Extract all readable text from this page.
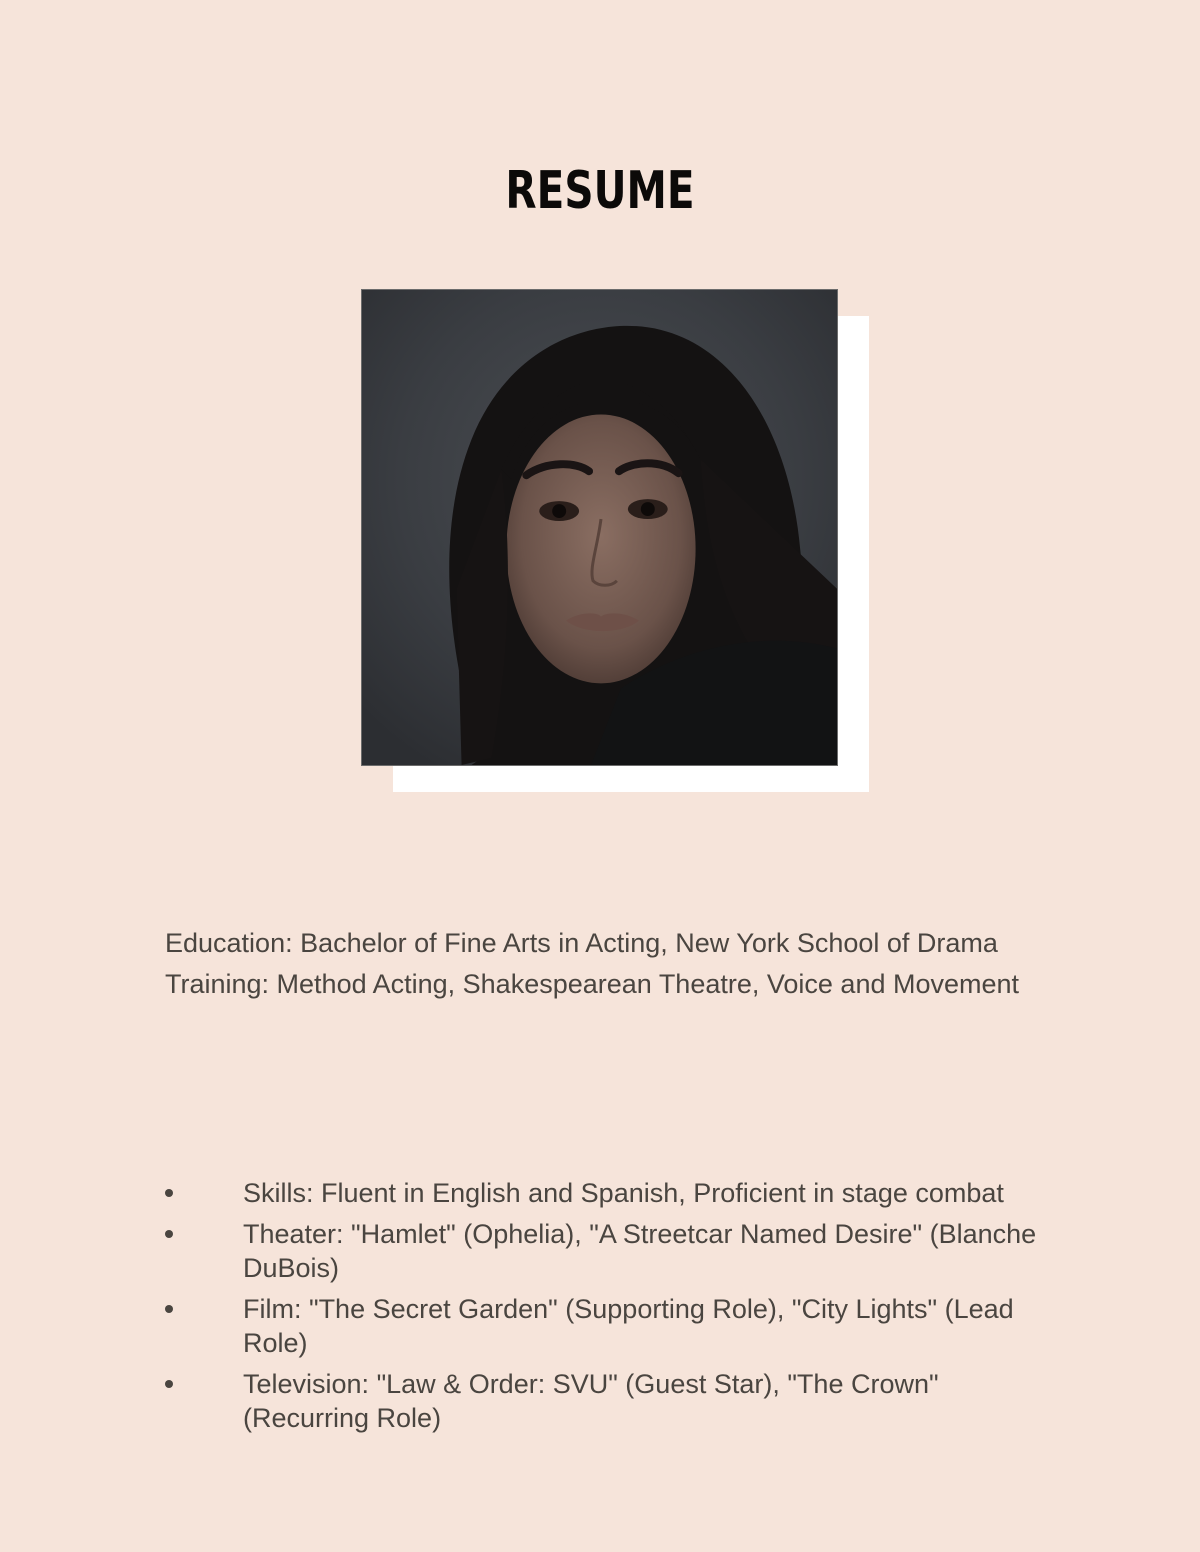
RESUME

Education: Bachelor of Fine Arts in Acting, New York School of Drama

Training: Method Acting, Shakespearean Theatre, Voice and Movement

Skills: Fluent in English and Spanish, Proficient in stage combat
Theater: "Hamlet" (Ophelia), "A Streetcar Named Desire" (Blanche DuBois)
Film: "The Secret Garden" (Supporting Role), "City Lights" (Lead Role)
Television: "Law & Order: SVU" (Guest Star), "The Crown" (Recurring Role)
